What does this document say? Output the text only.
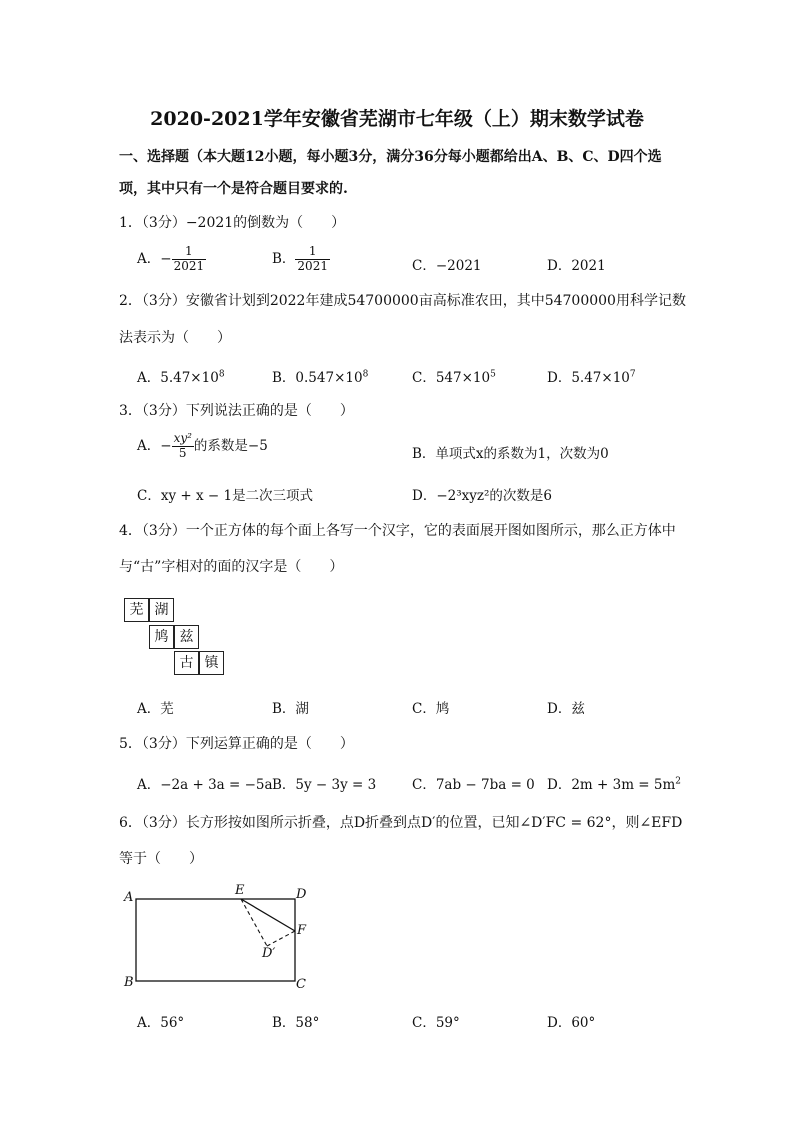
2020-2021学年安徽省芜湖市七年级（上）期末数学试卷
一、选择题（本大题12小题，每小题3分，满分36分每小题都给出A、B、C、D四个选
项，其中只有一个是符合题目要求的.
1．（3分）−2021的倒数为（　　）
A．− $\frac{1}{2021}$	B． $\frac{1}{2021}$	C．−2021	D．2021
2．（3分）安徽省计划到2022年建成54700000亩高标准农田，其中54700000用科学记数
法表示为（　　）
A．$5.47\times 10^8$	B．$0.547\times 10^8$	C．$547\times 10^5$	D．$5.47\times 10^7$
3．（3分）下列说法正确的是（　　）
A．− $\frac{\text{xy²}}{5}$ 的系数是−5
B．单项式x的系数为1，次数为0
C．xy + x − 1是二次三项式	D．−2³xyz²的次数是6
4．（3分）一个正方体的每个面上各写一个汉字，它的表面展开图如图所示，那么正方体中
与“古”字相对的面的汉字是（　　）
芜 湖
鸠 兹
古 镇
A．芜	B．湖	C．鸠	D．兹
5．（3分）下列运算正确的是（　　）
A．−2a + 3a = −5a B．5y − 3y = 3	C．7ab − 7ba = 0 D．$2m + 3m = 5m^2$
6．（3分）长方形按如图所示折叠，点D折叠到点D′的位置，已知∠D′FC = 62°，则∠EFD
等于（　　）
A
B	C
D
E
F
D′
A．56°	B．58°	C．59°	D．60°
